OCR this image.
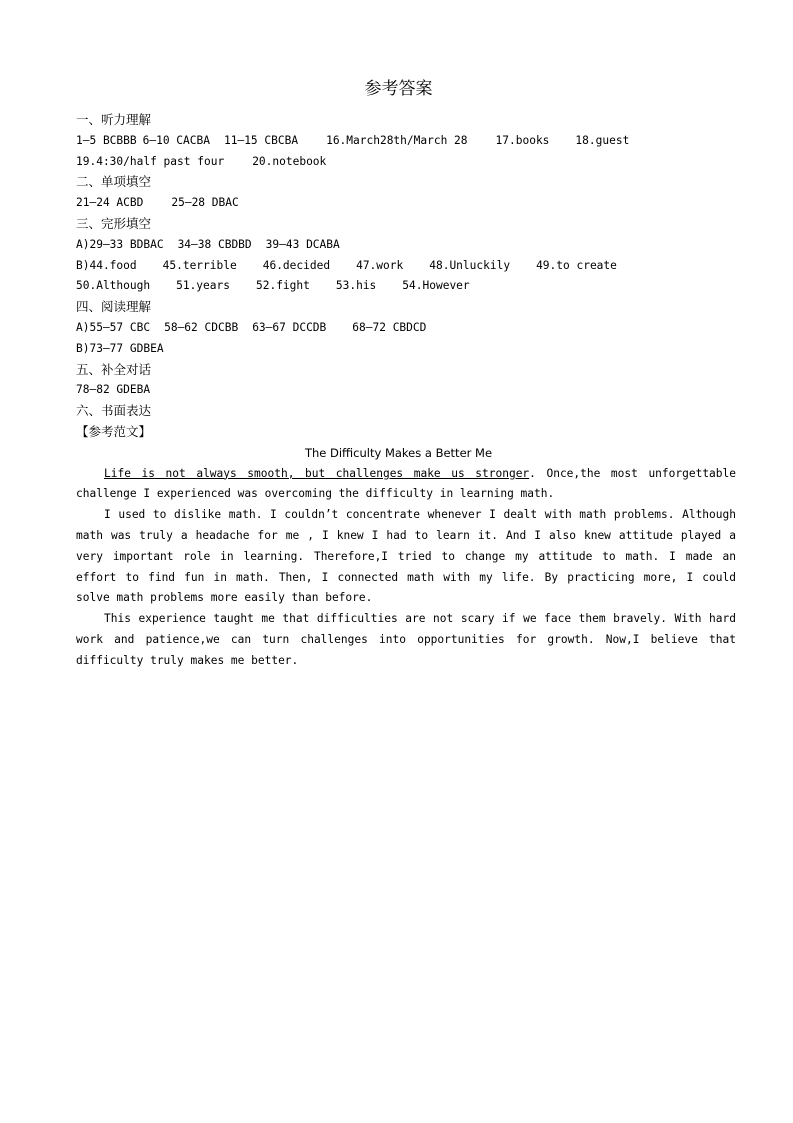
参考答案
一、听力理解
1—5 BCBBB 6—10 CACBA 11—15 CBCBA	16.March28th/March 28	17.books 18.guest
19.4:30/half past four	20.notebook
二、单项填空
21—24 ACBD	25—28 DBAC
三、完形填空
A)29—33 BDBAC 34—38 CBDBD 39—43 DCABA
B)44.food 45.terrible 46.decided 47.work 48.Unluckily 49.to create
50.Although 51.years 52.fight 53.his 54.However
四、阅读理解
A)55—57 CBC 58—62 CDCBB 63—67 DCCDB 68—72 CBDCD
B)73—77 GDBEA
五、补全对话
78—82 GDEBA
六、书面表达
【参考范文】
The Difficulty Makes a Better Me
Life is not always smooth, but challenges make us stronger. Once,the most unforgettable challenge I experienced was overcoming the difficulty in learning math.
I used to dislike math. I couldn’t concentrate whenever I dealt with math problems. Although math was truly a headache for me , I knew I had to learn it. And I also knew attitude played a very important role in learning. Therefore,I tried to change my attitude to math. I made an effort to find fun in math. Then, I connected math with my life. By practicing more, I could solve math problems more easily than before.
This experience taught me that difficulties are not scary if we face them bravely. With hard work and patience,we can turn challenges into opportunities for growth. Now,I believe that difficulty truly makes me better.
